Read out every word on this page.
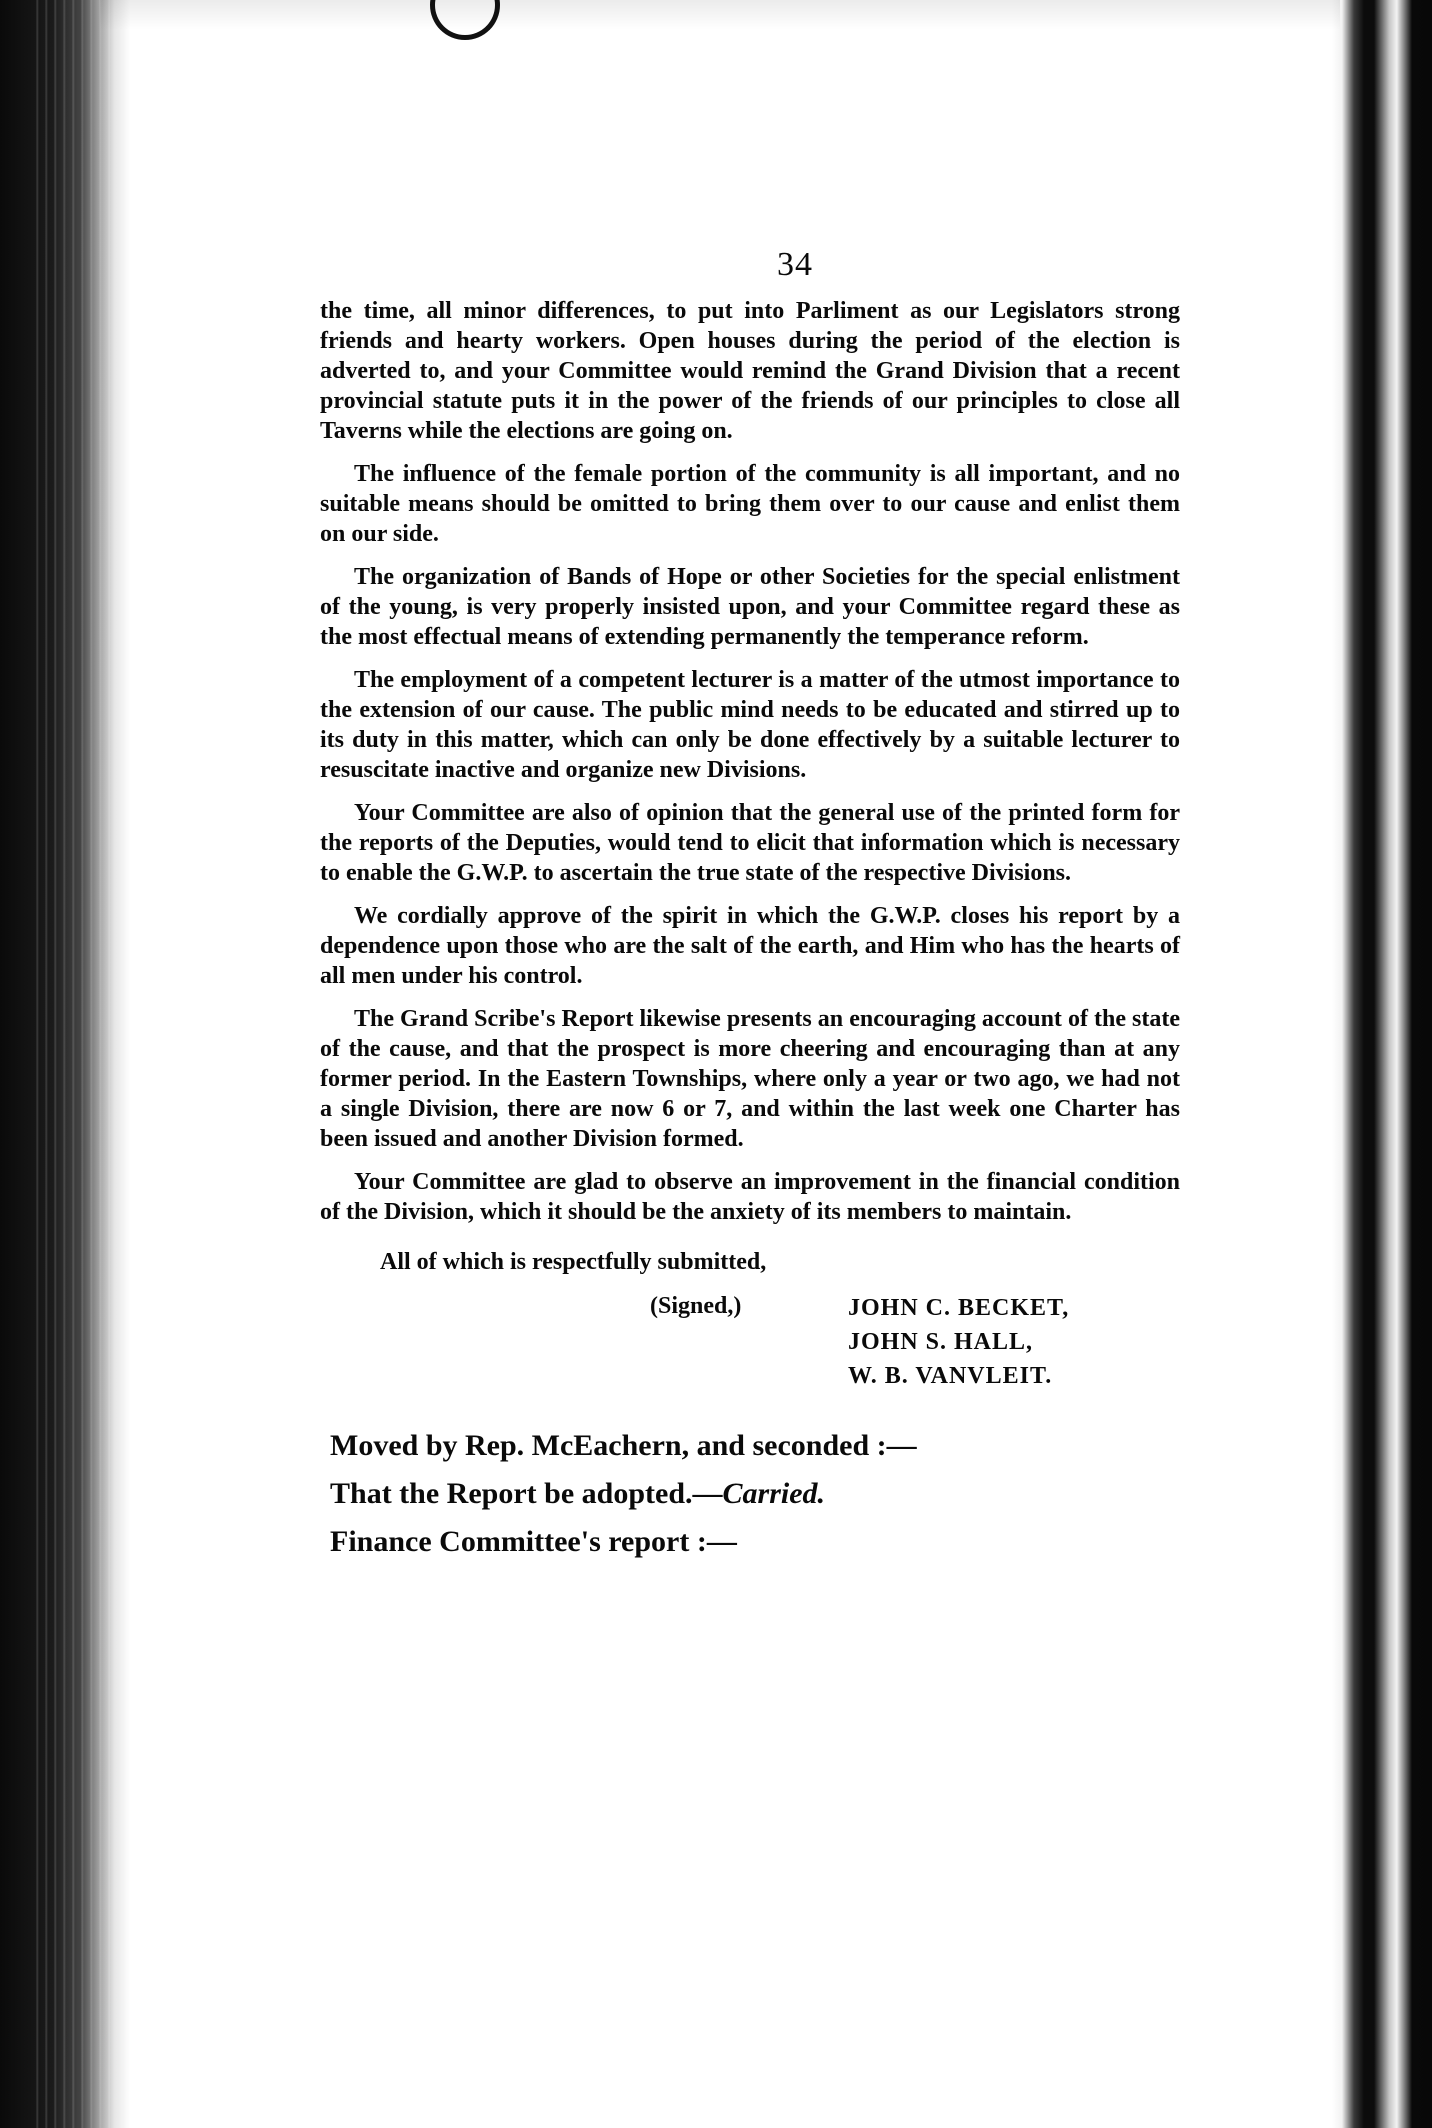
34

the time, all minor differences, to put into Parliment as our Legislators strong friends and hearty workers. Open houses during the period of the election is adverted to, and your Committee would remind the Grand Division that a recent provincial statute puts it in the power of the friends of our principles to close all Taverns while the elections are going on.

The influence of the female portion of the community is all important, and no suitable means should be omitted to bring them over to our cause and enlist them on our side.

The organization of Bands of Hope or other Societies for the special enlistment of the young, is very properly insisted upon, and your Committee regard these as the most effectual means of extending permanently the temperance reform.

The employment of a competent lecturer is a matter of the utmost importance to the extension of our cause. The public mind needs to be educated and stirred up to its duty in this matter, which can only be done effectively by a suitable lecturer to resuscitate inactive and organize new Divisions.

Your Committee are also of opinion that the general use of the printed form for the reports of the Deputies, would tend to elicit that information which is necessary to enable the G.W.P. to ascertain the true state of the respective Divisions.

We cordially approve of the spirit in which the G.W.P. closes his report by a dependence upon those who are the salt of the earth, and Him who has the hearts of all men under his control.

The Grand Scribe's Report likewise presents an encouraging account of the state of the cause, and that the prospect is more cheering and encouraging than at any former period. In the Eastern Townships, where only a year or two ago, we had not a single Division, there are now 6 or 7, and within the last week one Charter has been issued and another Division formed.

Your Committee are glad to observe an improvement in the financial condition of the Division, which it should be the anxiety of its members to maintain.

All of which is respectfully submitted,
(Signed,)	JOHN C. BECKET,
JOHN S. HALL,
W. B. VANVLEIT.
Moved by Rep. McEachern, and seconded :—
That the Report be adopted.—Carried.
Finance Committee's report :—
